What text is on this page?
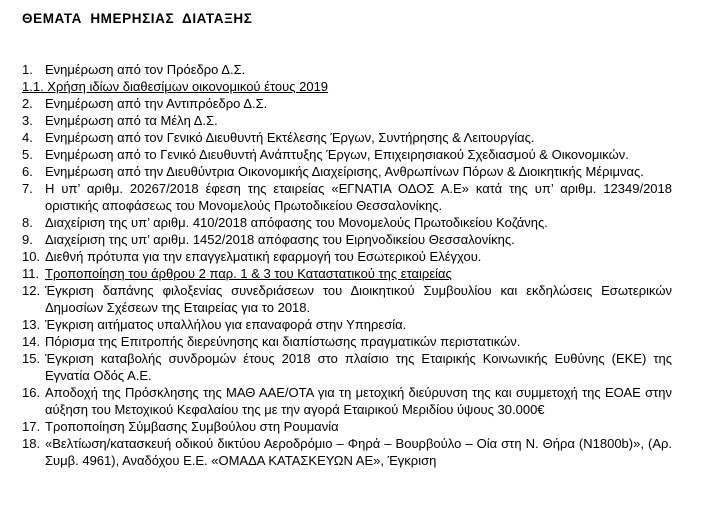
ΘΕΜΑΤΑ ΗΜΕΡΗΣΙΑΣ ΔΙΑΤΑΞΗΣ
1. Ενημέρωση από τον Πρόεδρο Δ.Σ.
1.1. Χρήση ιδίων διαθεσίμων οικονομικού έτους 2019
2. Ενημέρωση από την Αντιπρόεδρο Δ.Σ.
3. Ενημέρωση από τα Μέλη Δ.Σ.
4. Ενημέρωση από τον Γενικό Διευθυντή Εκτέλεσης Έργων, Συντήρησης & Λειτουργίας.
5. Ενημέρωση από το Γενικό Διευθυντή Ανάπτυξης Έργων, Επιχειρησιακού Σχεδιασμού & Οικονομικών.
6. Ενημέρωση από την Διευθύντρια Οικονομικής Διαχείρισης, Ανθρωπίνων Πόρων & Διοικητικής Μέριμνας.
7. Η υπ’ αριθμ. 20267/2018 έφεση της εταιρείας «ΕΓΝΑΤΙΑ ΟΔΟΣ Α.Ε» κατά της υπ’ αριθμ. 12349/2018 οριστικής αποφάσεως του Μονομελούς Πρωτοδικείου Θεσσαλονίκης.
8. Διαχείριση της υπ’ αριθμ. 410/2018 απόφασης του Μονομελούς Πρωτοδικείου Κοζάνης.
9. Διαχείριση της υπ’ αριθμ. 1452/2018 απόφασης του Ειρηνοδικείου Θεσσαλονίκης.
10. Διεθνή πρότυπα για την επαγγελματική εφαρμογή του Εσωτερικού Ελέγχου.
11. Τροποποίηση του άρθρου 2 παρ. 1 & 3 του Καταστατικού της εταιρείας
12. Έγκριση δαπάνης φιλοξενίας συνεδριάσεων του Διοικητικού Συμβουλίου και εκδηλώσεις Εσωτερικών Δημοσίων Σχέσεων της Εταιρείας για το 2018.
13. Έγκριση αιτήματος υπαλλήλου για επαναφορά στην Υπηρεσία.
14. Πόρισμα της Επιτροπής διερεύνησης και διαπίστωσης πραγματικών περιστατικών.
15. Έγκριση καταβολής συνδρομών έτους 2018 στο πλαίσιο της Εταιρικής Κοινωνικής Ευθύνης (ΕΚΕ) της Εγνατία Οδός Α.Ε.
16. Αποδοχή της Πρόσκλησης της ΜΑΘ ΑΑΕ/ΟΤΑ για τη μετοχική διεύρυνση της και συμμετοχή της ΕΟΑΕ στην αύξηση του Μετοχικού Κεφαλαίου της με την αγορά Εταιρικού Μεριδίου ύψους 30.000€
17. Τροποποίηση Σύμβασης Συμβούλου στη Ρουμανία
18. «Βελτίωση/κατασκευή οδικού δικτύου Αεροδρόμιο – Φηρά – Βουρβούλο – Οία στη Ν. Θήρα (Ν1800b)», (Αρ. Συμβ. 4961), Αναδόχου Ε.Ε. «ΟΜΑΔΑ ΚΑΤΑΣΚΕΥΩΝ ΑΕ», Έγκριση
